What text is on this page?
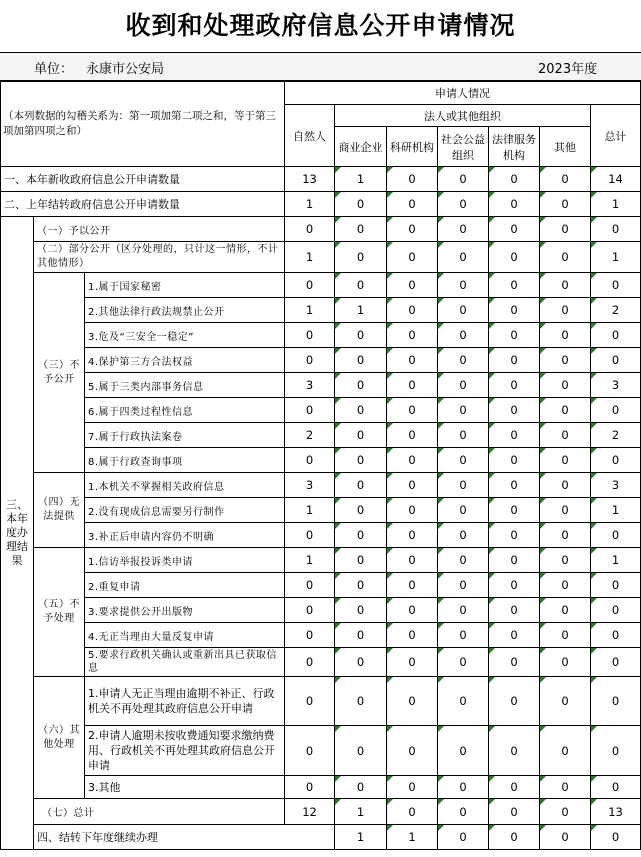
收到和处理政府信息公开申请情况
单位： 永康市公安局	2023年度
（本列数据的勾稽关系为：第一项加第二项之和，等于第三项加第四项之和）			申请人情况							
			自然人	法人或其他组织					总计	
				商业企业	科研机构	社会公益组织	法律服务机构	其他		
一、本年新收政府信息公开申请数量			13	1	0	0	0	0	14	
二、上年结转政府信息公开申请数量			1	0	0	0	0	0	1	
三、本年度办理结果	（一）予以公开		0	0	0	0	0	0	0	
	（二）部分公开（区分处理的，只计这一情形，不计其他情形）		1	0	0	0	0	0	1	
	（三）不予公开	1.属于国家秘密	0	0	0	0	0	0	0	
		2.其他法律行政法规禁止公开	1	1	0	0	0	0	2	
		3.危及“三安全一稳定”	0	0	0	0	0	0	0	
		4.保护第三方合法权益	0	0	0	0	0	0	0	
		5.属于三类内部事务信息	3	0	0	0	0	0	3	
		6.属于四类过程性信息	0	0	0	0	0	0	0	
		7.属于行政执法案卷	2	0	0	0	0	0	2	
		8.属于行政查询事项	0	0	0	0	0	0	0	
	（四）无法提供	1.本机关不掌握相关政府信息	3	0	0	0	0	0	3	
		2.没有现成信息需要另行制作	1	0	0	0	0	0	1	
		3.补正后申请内容仍不明确	0	0	0	0	0	0	0	
	（五）不予处理	1.信访举报投诉类申请	1	0	0	0	0	0	1	
		2.重复申请	0	0	0	0	0	0	0	
		3.要求提供公开出版物	0	0	0	0	0	0	0	
		4.无正当理由大量反复申请	0	0	0	0	0	0	0	
		5.要求行政机关确认或重新出具已获取信息	0	0	0	0	0	0	0	
	（六）其他处理	1.申请人无正当理由逾期不补正、行政机关不再处理其政府信息公开申请	0	0	0	0	0	0	0	
		2.申请人逾期未按收费通知要求缴纳费用、行政机关不再处理其政府信息公开申请	0	0	0	0	0	0	0	
		3.其他	0	0	0	0	0	0	0	
	（七）总计		12	1	0	0	0	0	13	
	四、结转下年度继续办理			1	1	0	0	0	0	
